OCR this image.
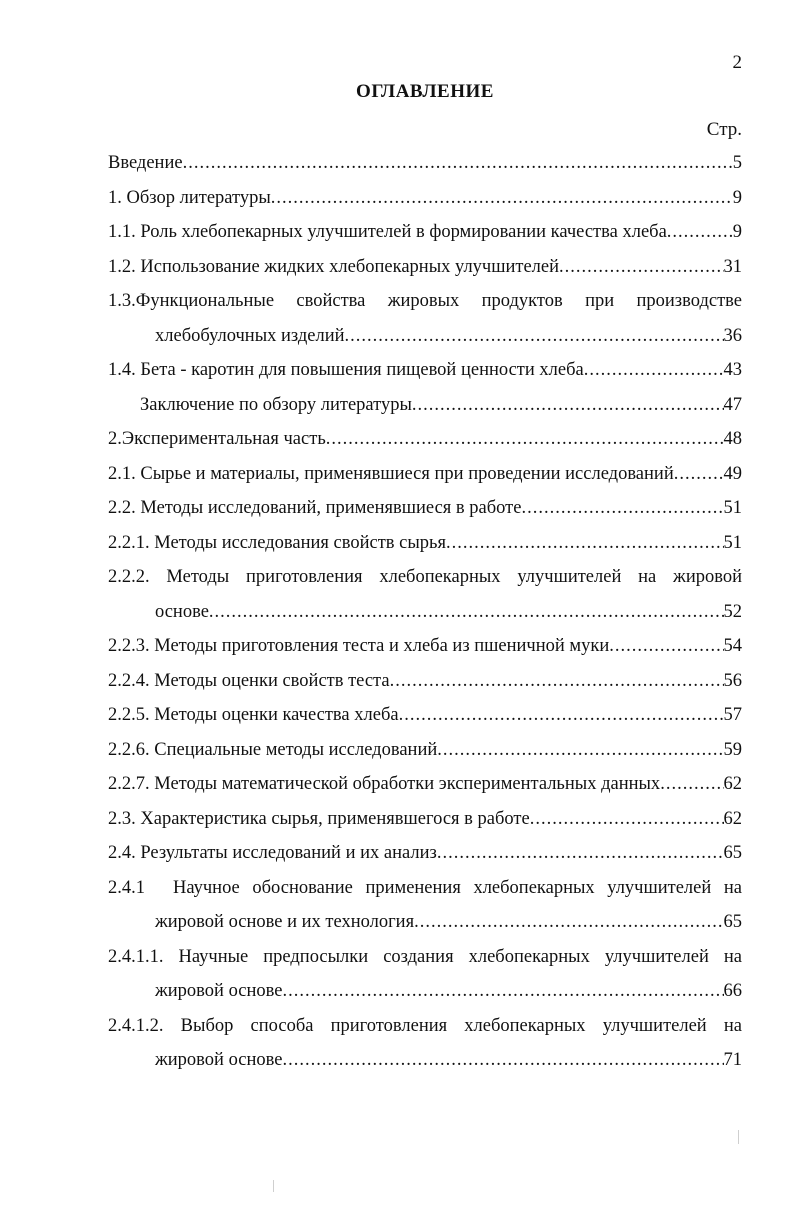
2
ОГЛАВЛЕНИЕ
Стр.
Введение .....	5
1. Обзор литературы .....	9
1.1. Роль хлебопекарных улучшителей в формировании качества хлеба .....	9
1.2. Использование жидких хлебопекарных улучшителей .....	31
1.3.Функциональные свойства жировых продуктов при производстве
хлебобулочных изделий .....	36
1.4. Бета - каротин для повышения пищевой ценности хлеба .....	43
Заключение по обзору литературы .....	47
2.Экспериментальная часть .....	48
2.1. Сырье и материалы, применявшиеся при проведении исследований .....	49
2.2. Методы исследований, применявшиеся в работе .....	51
2.2.1. Методы исследования свойств сырья .....	51
2.2.2. Методы приготовления хлебопекарных улучшителей на жировой
основе .....	52
2.2.3. Методы приготовления теста и хлеба из пшеничной муки .....	54
2.2.4. Методы оценки свойств теста .....	56
2.2.5. Методы оценки качества хлеба .....	57
2.2.6. Специальные методы исследований .....	59
2.2.7. Методы математической обработки экспериментальных данных .....	62
2.3. Характеристика сырья, применявшегося в работе .....	62
2.4. Результаты исследований и их анализ .....	65
2.4.1	Научное обоснование применения хлебопекарных улучшителей на
жировой основе и их технология .....	65
2.4.1.1. Научные предпосылки создания хлебопекарных улучшителей на
жировой основе .....	66
2.4.1.2. Выбор способа приготовления хлебопекарных улучшителей на
жировой основе .....	71
